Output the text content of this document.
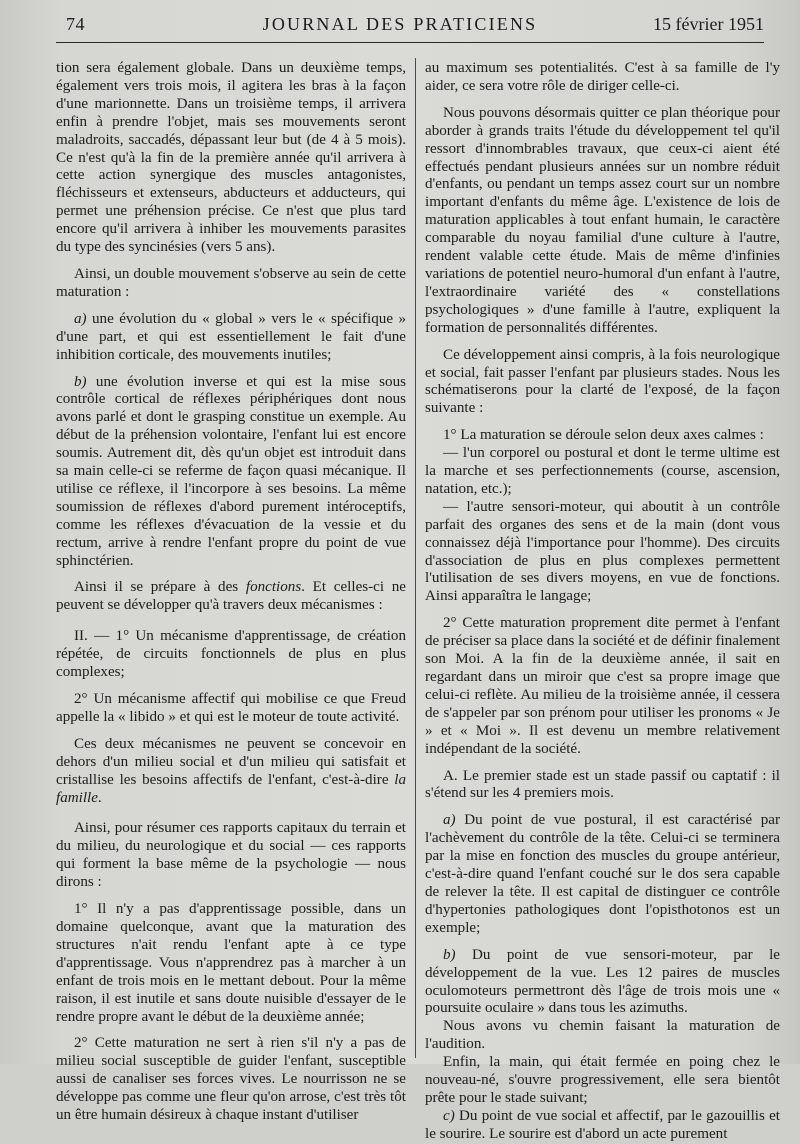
74	JOURNAL DES PRATICIENS	15 février 1951

tion sera également globale. Dans un deuxième temps, également vers trois mois, il agitera les bras à la façon d'une marionnette. Dans un troisième temps, il arrivera enfin à prendre l'objet, mais ses mouvements seront maladroits, saccadés, dépassant leur but (de 4 à 5 mois). Ce n'est qu'à la fin de la première année qu'il arrivera à cette action synergique des muscles antagonistes, fléchisseurs et extenseurs, abducteurs et adducteurs, qui permet une préhension précise. Ce n'est que plus tard encore qu'il arrivera à inhiber les mouvements parasites du type des syncinésies (vers 5 ans).

Ainsi, un double mouvement s'observe au sein de cette maturation :

a) une évolution du « global » vers le « spécifique » d'une part, et qui est essentiellement le fait d'une inhibition corticale, des mouvements inutiles;

b) une évolution inverse et qui est la mise sous contrôle cortical de réflexes périphériques dont nous avons parlé et dont le grasping constitue un exemple. Au début de la préhension volontaire, l'enfant lui est encore soumis. Autrement dit, dès qu'un objet est introduit dans sa main celle-ci se referme de façon quasi mécanique. Il utilise ce réflexe, il l'incorpore à ses besoins. La même soumission de réflexes d'abord purement intéroceptifs, comme les réflexes d'évacuation de la vessie et du rectum, arrive à rendre l'enfant propre du point de vue sphinctérien.

Ainsi il se prépare à des fonctions. Et celles-ci ne peuvent se développer qu'à travers deux mécanismes :

II. — 1° Un mécanisme d'apprentissage, de création répétée, de circuits fonctionnels de plus en plus complexes;

2° Un mécanisme affectif qui mobilise ce que Freud appelle la « libido » et qui est le moteur de toute activité.

Ces deux mécanismes ne peuvent se concevoir en dehors d'un milieu social et d'un milieu qui satisfait et cristallise les besoins affectifs de l'enfant, c'est-à-dire la famille.

Ainsi, pour résumer ces rapports capitaux du terrain et du milieu, du neurologique et du social — ces rapports qui forment la base même de la psychologie — nous dirons :

1° Il n'y a pas d'apprentissage possible, dans un domaine quelconque, avant que la maturation des structures n'ait rendu l'enfant apte à ce type d'apprentissage. Vous n'apprendrez pas à marcher à un enfant de trois mois en le mettant debout. Pour la même raison, il est inutile et sans doute nuisible d'essayer de le rendre propre avant le début de la deuxième année;

2° Cette maturation ne sert à rien s'il n'y a pas de milieu social susceptible de guider l'enfant, susceptible aussi de canaliser ses forces vives. Le nourrisson ne se développe pas comme une fleur qu'on arrose, c'est très tôt un être humain désireux à chaque instant d'utiliser

au maximum ses potentialités. C'est à sa famille de l'y aider, ce sera votre rôle de diriger celle-ci.

Nous pouvons désormais quitter ce plan théorique pour aborder à grands traits l'étude du développement tel qu'il ressort d'innombrables travaux, que ceux-ci aient été effectués pendant plusieurs années sur un nombre réduit d'enfants, ou pendant un temps assez court sur un nombre important d'enfants du même âge. L'existence de lois de maturation applicables à tout enfant humain, le caractère comparable du noyau familial d'une culture à l'autre, rendent valable cette étude. Mais de même d'infinies variations de potentiel neuro-humoral d'un enfant à l'autre, l'extraordinaire variété des « constellations psychologiques » d'une famille à l'autre, expliquent la formation de personnalités différentes.

Ce développement ainsi compris, à la fois neurologique et social, fait passer l'enfant par plusieurs stades. Nous les schématiserons pour la clarté de l'exposé, de la façon suivante :

1° La maturation se déroule selon deux axes calmes :

— l'un corporel ou postural et dont le terme ultime est la marche et ses perfectionnements (course, ascension, natation, etc.);

— l'autre sensori-moteur, qui aboutit à un contrôle parfait des organes des sens et de la main (dont vous connaissez déjà l'importance pour l'homme). Des circuits d'association de plus en plus complexes permettent l'utilisation de ses divers moyens, en vue de fonctions. Ainsi apparaîtra le langage;

2° Cette maturation proprement dite permet à l'enfant de préciser sa place dans la société et de définir finalement son Moi. A la fin de la deuxième année, il sait en regardant dans un miroir que c'est sa propre image que celui-ci reflète. Au milieu de la troisième année, il cessera de s'appeler par son prénom pour utiliser les pronoms « Je » et « Moi ». Il est devenu un membre relativement indépendant de la société.

A. Le premier stade est un stade passif ou captatif : il s'étend sur les 4 premiers mois.

a) Du point de vue postural, il est caractérisé par l'achèvement du contrôle de la tête. Celui-ci se terminera par la mise en fonction des muscles du groupe antérieur, c'est-à-dire quand l'enfant couché sur le dos sera capable de relever la tête. Il est capital de distinguer ce contrôle d'hypertonies pathologiques dont l'opisthotonos est un exemple;

b) Du point de vue sensori-moteur, par le développement de la vue. Les 12 paires de muscles oculomoteurs permettront dès l'âge de trois mois une « poursuite oculaire » dans tous les azimuths.

Nous avons vu chemin faisant la maturation de l'audition.

Enfin, la main, qui était fermée en poing chez le nouveau-né, s'ouvre progressivement, elle sera bientôt prête pour le stade suivant;

c) Du point de vue social et affectif, par le gazouillis et le sourire. Le sourire est d'abord un acte purement
